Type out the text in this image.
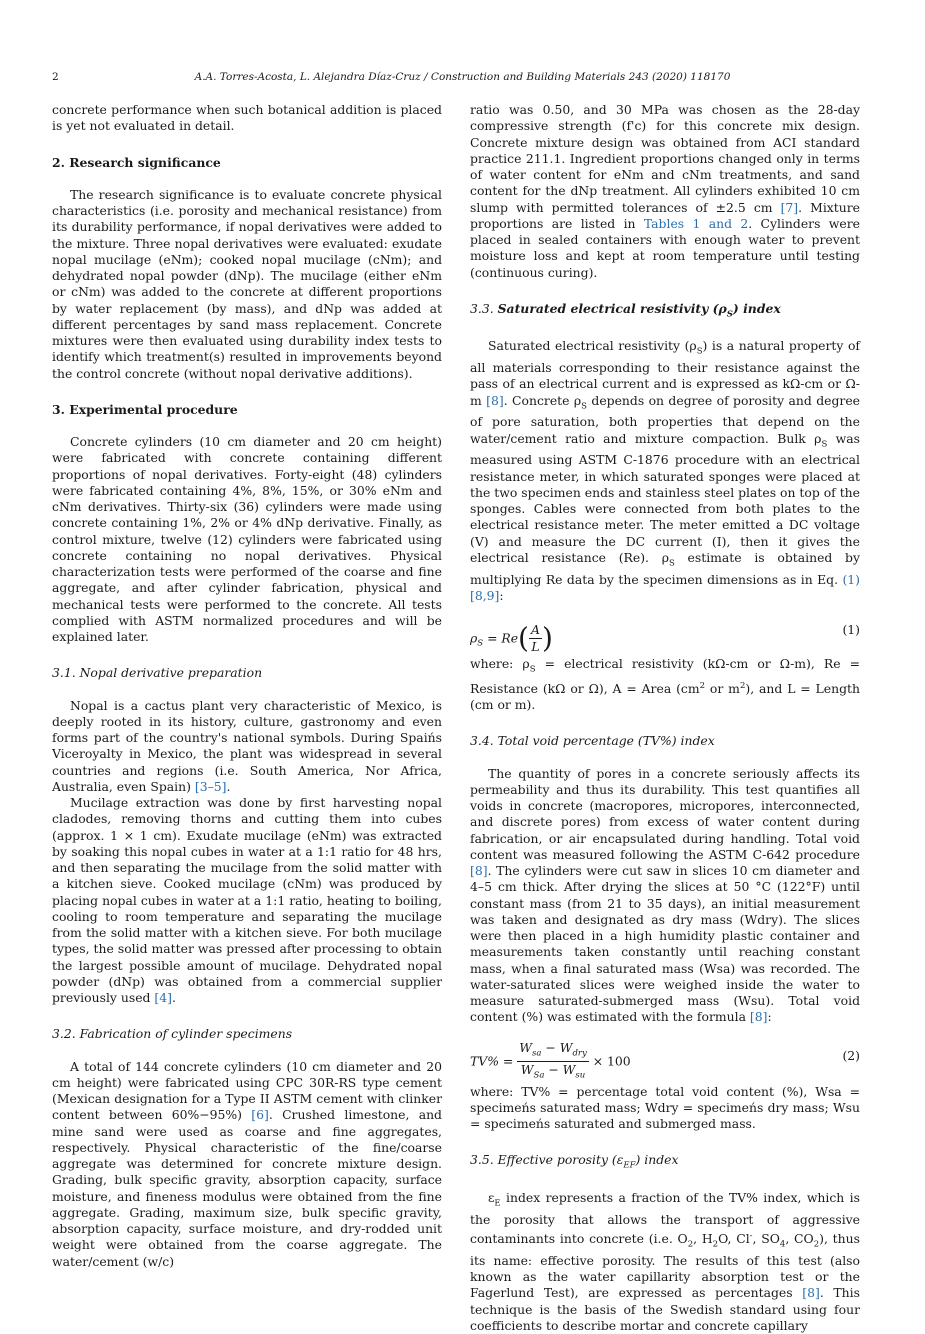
2	A.A. Torres-Acosta, L. Alejandra Díaz-Cruz / Construction and Building Materials 243 (2020) 118170

concrete performance when such botanical addition is placed is yet not evaluated in detail.

2. Research significance

The research significance is to evaluate concrete physical characteristics (i.e. porosity and mechanical resistance) from its durability performance, if nopal derivatives were added to the mixture. Three nopal derivatives were evaluated: exudate nopal mucilage (eNm); cooked nopal mucilage (cNm); and dehydrated nopal powder (dNp). The mucilage (either eNm or cNm) was added to the concrete at different proportions by water replacement (by mass), and dNp was added at different percentages by sand mass replacement. Concrete mixtures were then evaluated using durability index tests to identify which treatment(s) resulted in improvements beyond the control concrete (without nopal derivative additions).

3. Experimental procedure

Concrete cylinders (10 cm diameter and 20 cm height) were fabricated with concrete containing different proportions of nopal derivatives. Forty-eight (48) cylinders were fabricated containing 4%, 8%, 15%, or 30% eNm and cNm derivatives. Thirty-six (36) cylinders were made using concrete containing 1%, 2% or 4% dNp derivative. Finally, as control mixture, twelve (12) cylinders were fabricated using concrete containing no nopal derivatives. Physical characterization tests were performed of the coarse and fine aggregate, and after cylinder fabrication, physical and mechanical tests were performed to the concrete. All tests complied with ASTM normalized procedures and will be explained later.

3.1. Nopal derivative preparation

Nopal is a cactus plant very characteristic of Mexico, is deeply rooted in its history, culture, gastronomy and even forms part of the country's national symbols. During Spaińs Viceroyalty in Mexico, the plant was widespread in several countries and regions (i.e. South America, Nor Africa, Australia, even Spain) [3–5].

Mucilage extraction was done by first harvesting nopal cladodes, removing thorns and cutting them into cubes (approx. 1 × 1 cm). Exudate mucilage (eNm) was extracted by soaking this nopal cubes in water at a 1:1 ratio for 48 hrs, and then separating the mucilage from the solid matter with a kitchen sieve. Cooked mucilage (cNm) was produced by placing nopal cubes in water at a 1:1 ratio, heating to boiling, cooling to room temperature and separating the mucilage from the solid matter with a kitchen sieve. For both mucilage types, the solid matter was pressed after processing to obtain the largest possible amount of mucilage. Dehydrated nopal powder (dNp) was obtained from a commercial supplier previously used [4].

3.2. Fabrication of cylinder specimens

A total of 144 concrete cylinders (10 cm diameter and 20 cm height) were fabricated using CPC 30R-RS type cement (Mexican designation for a Type II ASTM cement with clinker content between 60%−95%) [6]. Crushed limestone, and mine sand were used as coarse and fine aggregates, respectively. Physical characteristic of the fine/coarse aggregate was determined for concrete mixture design. Grading, bulk specific gravity, absorption capacity, surface moisture, and fineness modulus were obtained from the fine aggregate. Grading, maximum size, bulk specific gravity, absorption capacity, surface moisture, and dry-rodded unit weight were obtained from the coarse aggregate. The water/cement (w/c)

ratio was 0.50, and 30 MPa was chosen as the 28-day compressive strength (f'c) for this concrete mix design. Concrete mixture design was obtained from ACI standard practice 211.1. Ingredient proportions changed only in terms of water content for eNm and cNm treatments, and sand content for the dNp treatment. All cylinders exhibited 10 cm slump with permitted tolerances of ±2.5 cm [7]. Mixture proportions are listed in Tables 1 and 2. Cylinders were placed in sealed containers with enough water to prevent moisture loss and kept at room temperature until testing (continuous curing).

3.3. Saturated electrical resistivity $(\rho_S)$ index

Saturated electrical resistivity $(\rho_S)$ is a natural property of all materials corresponding to their resistance against the pass of an electrical current and is expressed as kΩ-cm or Ω-m [8]. Concrete $\rho_S$ depends on degree of porosity and degree of pore saturation, both properties that depend on the water/cement ratio and mixture compaction. Bulk $\rho_S$ was measured using ASTM C-1876 procedure with an electrical resistance meter, in which saturated sponges were placed at the two specimen ends and stainless steel plates on top of the sponges. Cables were connected from both plates to the electrical resistance meter. The meter emitted a DC voltage (V) and measure the DC current (I), then it gives the electrical resistance (Re). $\rho_S$ estimate is obtained by multiplying Re data by the specimen dimensions as in Eq. (1) [8,9]:

$\rho_S = Re( \frac{A}{L}$ )	(1)

where: $\rho_S$ = electrical resistivity (kΩ-cm or Ω-m), Re = Resistance (kΩ or Ω), A = Area ($cm^2$ or $m^2$), and L = Length (cm or m).

3.4. Total void percentage (TV%) index

The quantity of pores in a concrete seriously affects its permeability and thus its durability. This test quantifies all voids in concrete (macropores, micropores, interconnected, and discrete pores) from excess of water content during fabrication, or air encapsulated during handling. Total void content was measured following the ASTM C-642 procedure [8]. The cylinders were cut saw in slices 10 cm diameter and 4–5 cm thick. After drying the slices at 50 °C (122°F) until constant mass (from 21 to 35 days), an initial measurement was taken and designated as dry mass (Wdry). The slices were then placed in a high humidity plastic container and measurements taken constantly until reaching constant mass, when a final saturated mass (Wsa) was recorded. The water-saturated slices were weighed inside the water to measure saturated-submerged mass (Wsu). Total void content (%) was estimated with the formula [8]:

$TV\% = \frac{W_{sa} - W_{dry}}{W_{Sa} - W_{su}} \times 100$	(2)

where: TV% = percentage total void content (%), Wsa = specimeńs saturated mass; Wdry = specimeńs dry mass; Wsu = specimeńs saturated and submerged mass.

3.5. Effective porosity $(\varepsilon_{EF})$ index

$\varepsilon_E$ index represents a fraction of the TV% index, which is the porosity that allows the transport of aggressive contaminants into concrete (i.e. $O_2$, $H_2O$, Cl-, $SO_4$, $CO_2$), thus its name: effective porosity. The results of this test (also known as the water capillarity absorption test or the Fagerlund Test), are expressed as percentages [8]. This technique is the basis of the Swedish standard using four coefficients to describe mortar and concrete capillary
